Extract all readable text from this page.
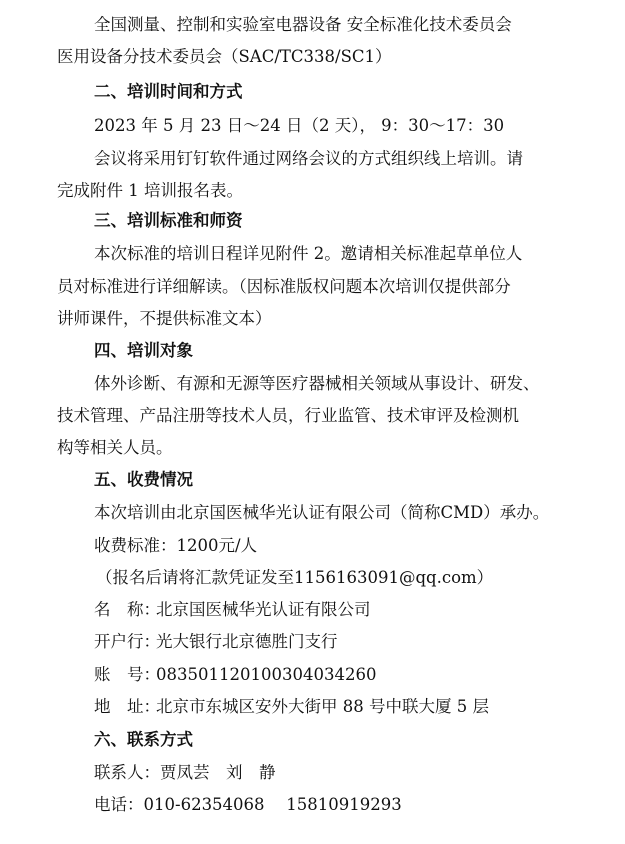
全国测量、控制和实验室电器设备 安全标准化技术委员会
医用设备分技术委员会（SAC/TC338/SC1）
二、培训时间和方式
2023 年 5 月 23 日～24 日（2 天）， 9：30～17：30
会议将采用钉钉软件通过网络会议的方式组织线上培训。请
完成附件 1 培训报名表。
三、培训标准和师资
本次标准的培训日程详见附件 2。邀请相关标准起草单位人
员对标准进行详细解读。（因标准版权问题本次培训仅提供部分
讲师课件，不提供标准文本）
四、培训对象
体外诊断、有源和无源等医疗器械相关领域从事设计、研发、
技术管理、产品注册等技术人员，行业监管、技术审评及检测机
构等相关人员。
五、收费情况
本次培训由北京国医械华光认证有限公司（简称CMD）承办。
收费标准：1200元/人
（报名后请将汇款凭证发至1156163091@qq.com）
名　称：
北京国医械华光认证有限公司
开户行：
光大银行北京德胜门支行
账　号：
08350112010030403426​0
地　址：
北京市东城区安外大街甲 88 号中联大厦 5 层
六、联系方式
联系人：贾凤芸　刘　静
电话：010-62354068　 15810919293
